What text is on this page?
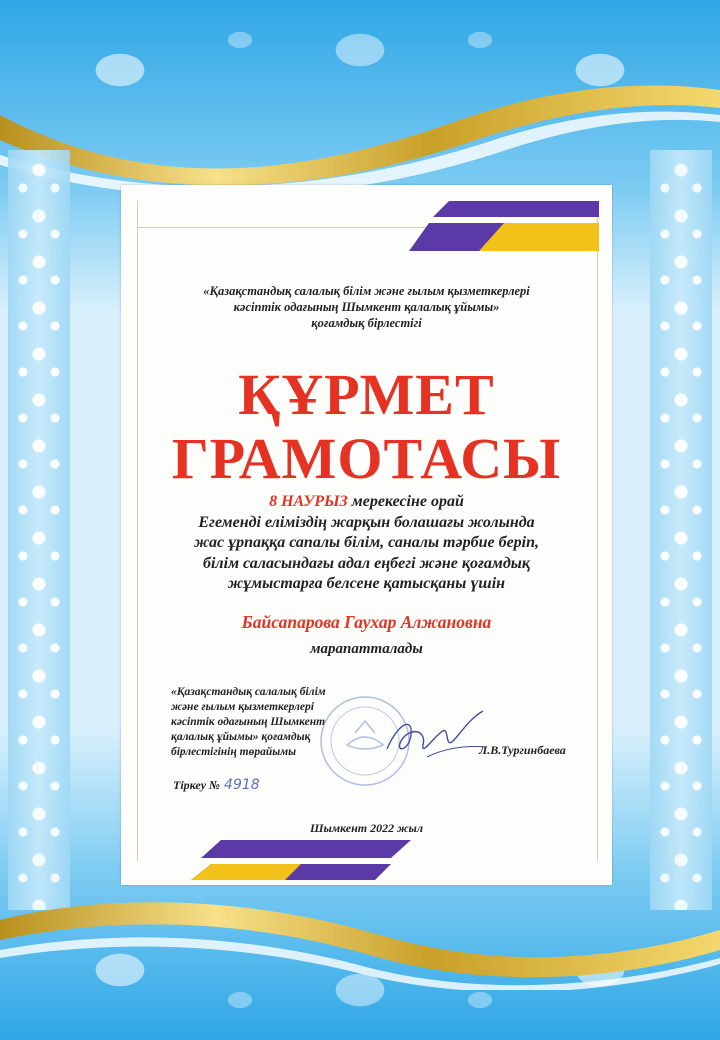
«Қазақстандық салалық білім және ғылым қызметкерлері
кәсіптік одағының Шымкент қалалық ұйымы»
қоғамдық бірлестігі
ҚҰРМЕТ
ГРАМОТАСЫ
8 НАУРЫЗ мерекесіне орай
Егеменді еліміздің жарқын болашағы жолында
жас ұрпаққа сапалы білім, саналы тәрбие беріп,
білім саласындағы адал еңбегі және қоғамдық
жұмыстарға белсене қатысқаны үшін
Байсапарова Гаухар Алжановна
марапатталады
«Қазақстандық салалық білім
және ғылым қызметкерлері
кәсіптік одағының Шымкент
қалалық ұйымы» қоғамдық
бірлестігінің төрайымы	Л.В.Тургинбаева
Тіркеу № 4918
Шымкент 2022 жыл
